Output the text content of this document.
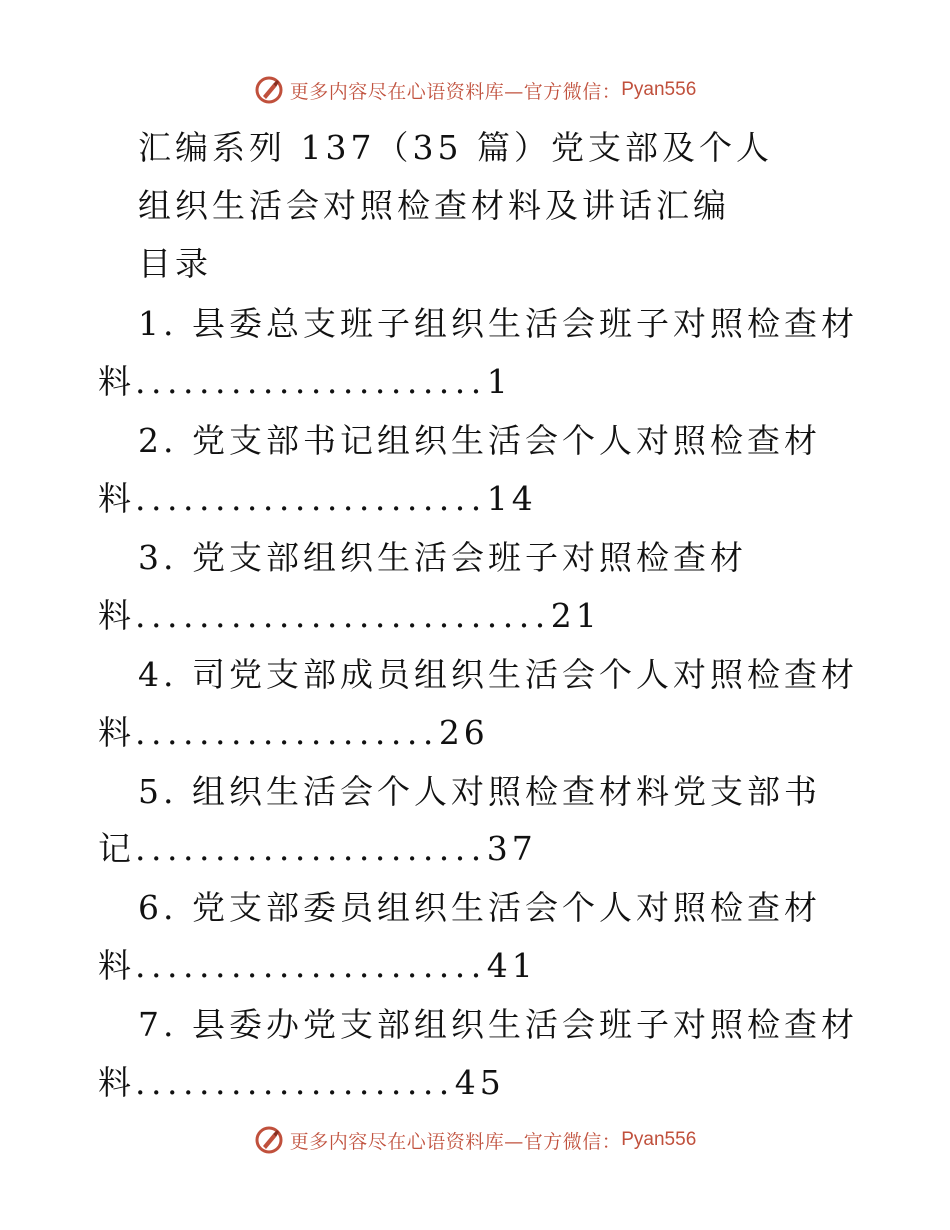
更多内容尽在心语资料库—官方微信： Pyan556
汇编系列 137（35 篇）党支部及个人
组织生活会对照检查材料及讲话汇编
目录
1. 县委总支班子组织生活会班子对照检查材
料......................1
2. 党支部书记组织生活会个人对照检查材
料......................14
3. 党支部组织生活会班子对照检查材
料..........................21
4. 司党支部成员组织生活会个人对照检查材
料...................26
5. 组织生活会个人对照检查材料党支部书
记......................37
6. 党支部委员组织生活会个人对照检查材
料......................41
7. 县委办党支部组织生活会班子对照检查材
料....................45
更多内容尽在心语资料库—官方微信： Pyan556
